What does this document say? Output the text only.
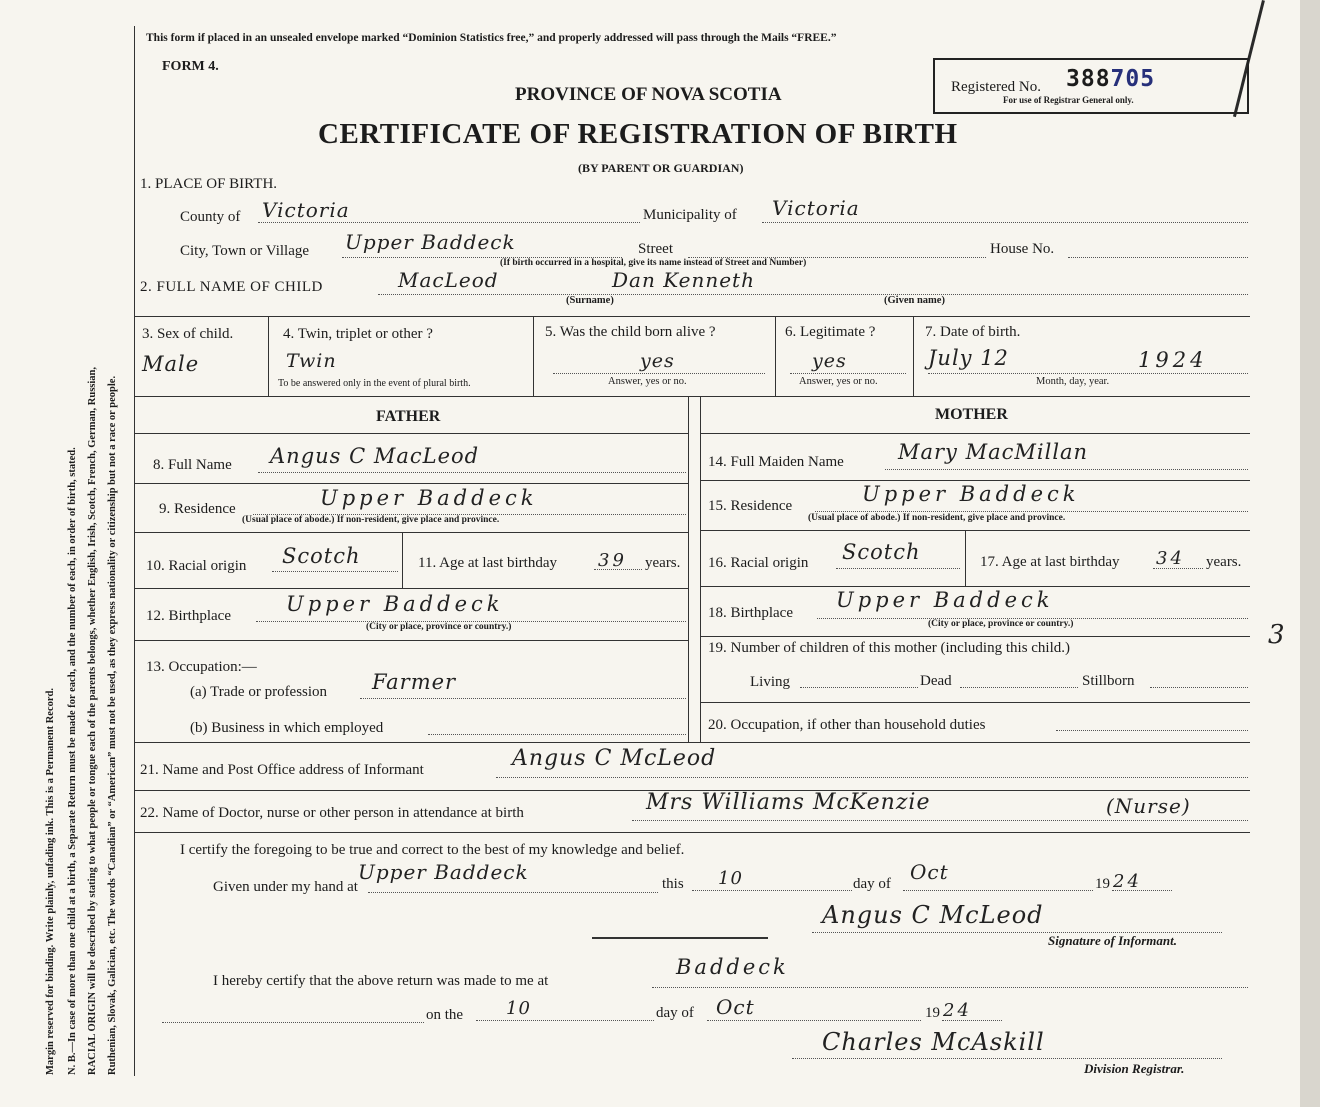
Margin reserved for binding. Write plainly, unfading ink. This is a Permanent Record. N. B.—In case of more than one child at a birth, a Separate Return must be made for each, and the number of each, in order of birth, stated. RACIAL ORIGIN will be described by stating to what people or tongue each of the parents belongs, whether English, Irish, Scotch, French, German, Russian, Ruthenian, Slovak, Galician, etc. The words “Canadian” or “American” must not be used, as they express nationality or citizenship but not a race or people.
This form if placed in an unsealed envelope marked “Dominion Statistics free,” and properly addressed will pass through the Mails “FREE.”
FORM 4.
PROVINCE OF NOVA SCOTIA
CERTIFICATE OF REGISTRATION OF BIRTH
(BY PARENT OR GUARDIAN)
Registered No. 388705
For use of Registrar General only.
1. PLACE OF BIRTH.
County of Victoria	Municipality of Victoria
City, Town or Village Upper Baddeck	Street	House No.
(If birth occurred in a hospital, give its name instead of Street and Number)
2. FULL NAME OF CHILD	MacLeod	Dan Kenneth
(Surname)	(Given name)
3. Sex of child.
Male
4. Twin, triplet or other ?
Twin
To be answered only in the event of plural birth.
5. Was the child born alive ?
yes
Answer, yes or no.
6. Legitimate ?
yes
Answer, yes or no.
7. Date of birth.
July 12	1924
Month, day, year.
FATHER	MOTHER
8. Full Name Angus C MacLeod
9. Residence	Upper Baddeck
(Usual place of abode.) If non-resident, give place and province.
10. Racial origin Scotch	11. Age at last birthday 39 years.
12. Birthplace	Upper Baddeck
(City or place, province or country.)
13. Occupation:—
(a) Trade or profession Farmer
(b) Business in which employed
14. Full Maiden Name	Mary MacMillan
15. Residence	Upper Baddeck
(Usual place of abode.) If non-resident, give place and province.
16. Racial origin Scotch	17. Age at last birthday 34 years.
18. Birthplace
Upper Baddeck
(City or place, province or country.)
19. Number of children of this mother (including this child.)
Living	Dead	Stillborn
20. Occupation, if other than household duties
21. Name and Post Office address of Informant	Angus C McLeod
22. Name of Doctor, nurse or other person in attendance at birth	Mrs Williams McKenzie	(Nurse)
I certify the foregoing to be true and correct to the best of my knowledge and belief.
Given under my hand at
Upper Baddeck	this 10	day of Oct	19 24
Angus C McLeod
Signature of Informant.
I hereby certify that the above return was made to me at
Baddeck
on the 10	day of Oct	19 24
Charles McAskill
Division Registrar.
3
